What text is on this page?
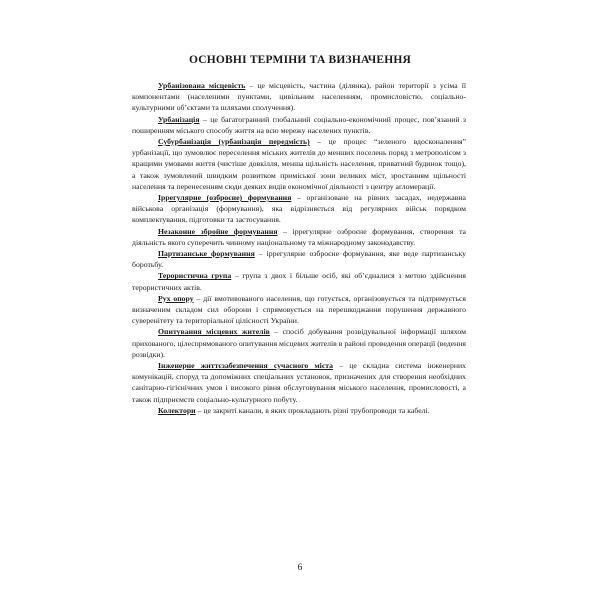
ОСНОВНІ ТЕРМІНИ ТА ВИЗНАЧЕННЯ

Урбанізована місцевість – це місцевість, частина (ділянка), район території з усіма її компонентами (населеними пунктами, цивільним населенням, промисловістю, соціально-культурними об’єктами та шляхами сполучення).

Урбанізація – це багатогранний глобальний соціально-економічний процес, пов’язаний з поширенням міського способу життя на всю мережу населених пунктів.

Субурбанізація (урбанізація передмість) – це процес “зеленого вдосконалення” урбанізації, що зумовлює переселення міських жителів до менших поселень поряд з метрополісом з кращими умовами життя (чистіше довкілля, менша щільність населення, приватний будинок тощо), а також зумовлений швидким розвитком приміської зони великих міст, зростанням щільності населення та перенесенням сюди деяких видів економічної діяльності з центру агломерації.

Іррегулярне (озброєне) формування – організоване на рівних засадах, недержавна військова організація (формування), яка відрізняється від регулярних військ порядком комплектування, підготовки та застосування.

Незаконне збройне формування – іррегулярне озброєне формування, створення та діяльність якого суперечить чинному національному та міжнародному законодавству.

Партизанське формування – іррегулярне озброєне формування, яке веде партизанську боротьбу.

Терористична група – група з двох і більше осіб, які об’єдналися з метою здійснення терористичних актів.

Рух опору – дії вмотивованого населення, що готується, організовується та підтримується визначеним складом сил оборони і спрямовується на перешкоджання порушення державного суверенітету та територіальної цілісності України.

Опитування місцевих жителів – спосіб добування розвідувальної інформації шляхом прихованого, цілеспрямованого опитування місцевих жителів в районі проведення операції (ведення розвідки).

Інженерне життєзабезпечення сучасного міста – це складна система інженерних комунікацій, споруд та допоміжних спеціальних установок, призначених для створення необхідних санітарно-гігієнічних умов і високого рівня обслуговування міського населення, промисловості, а також підприємств соціально-культурного побуту.

Колектори – це закриті канали, в яких прокладають різні трубопроводи та кабелі.

6
